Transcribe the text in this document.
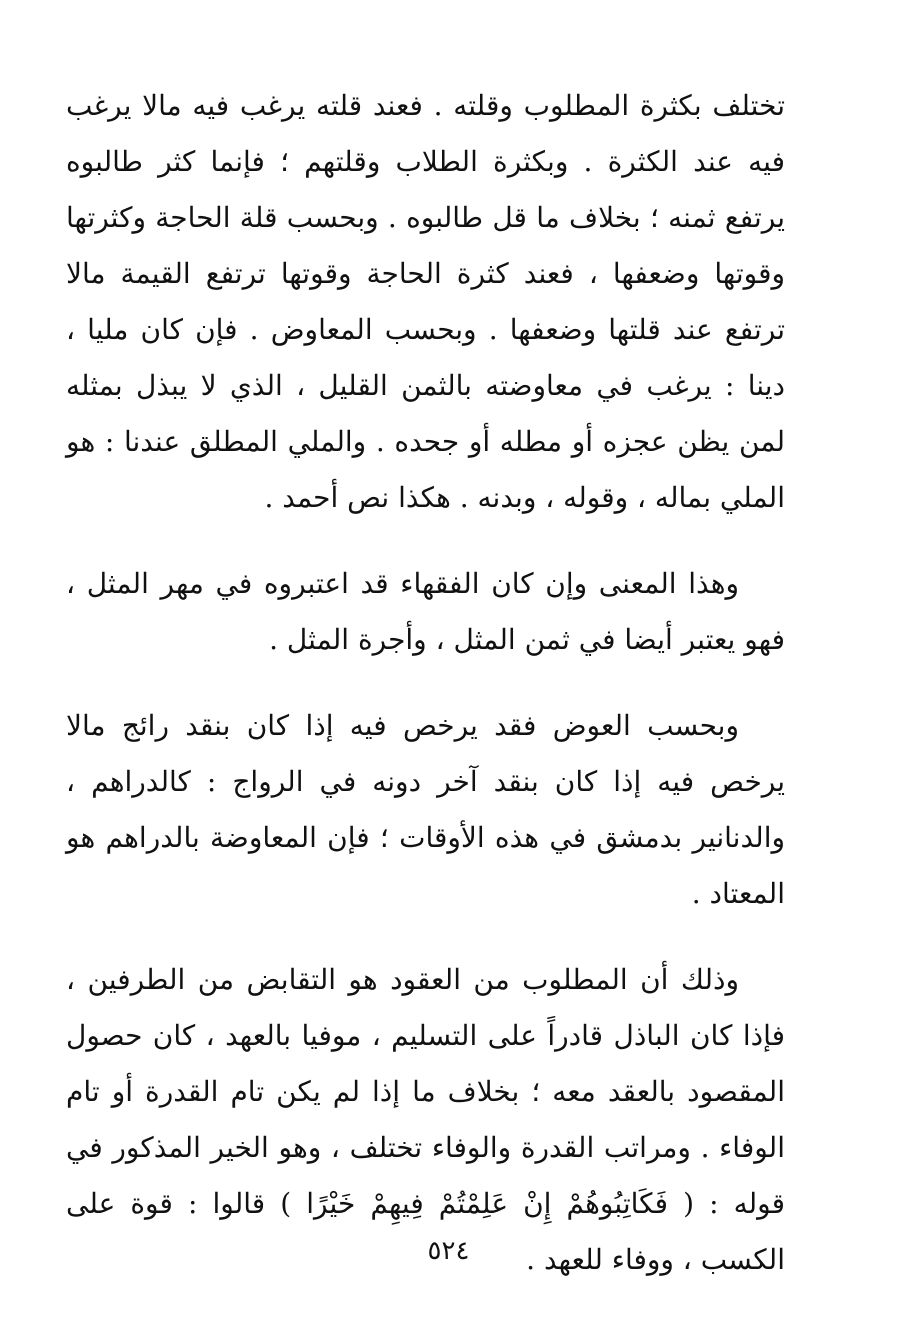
تختلف بكثرة المطلوب وقلته . فعند قلته يرغب فيه مالا يرغب فيه عند الكثرة . وبكثرة الطلاب وقلتهم ؛ فإنما كثر طالبوه يرتفع ثمنه ؛ بخلاف ما قل طالبوه . وبحسب قلة الحاجة وكثرتها وقوتها وضعفها ، فعند كثرة الحاجة وقوتها ترتفع القيمة مالا ترتفع عند قلتها وضعفها . وبحسب المعاوض . فإن كان مليا ، دينا : يرغب في معاوضته بالثمن القليل ، الذي لا يبذل بمثله لمن يظن عجزه أو مطله أو جحده . والملي المطلق عندنا : هو الملي بماله ، وقوله ، وبدنه . هكذا نص أحمد .

وهذا المعنى وإن كان الفقهاء قد اعتبروه في مهر المثل ، فهو يعتبر أيضا في ثمن المثل ، وأجرة المثل .

وبحسب العوض فقد يرخص فيه إذا كان بنقد رائج مالا يرخص فيه إذا كان بنقد آخر دونه في الرواج : كالدراهم ، والدنانير بدمشق في هذه الأوقات ؛ فإن المعاوضة بالدراهم هو المعتاد .

وذلك أن المطلوب من العقود هو التقابض من الطرفين ، فإذا كان الباذل قادراً على التسليم ، موفيا بالعهد ، كان حصول المقصود بالعقد معه ؛ بخلاف ما إذا لم يكن تام القدرة أو تام الوفاء . ومراتب القدرة والوفاء تختلف ، وهو الخير المذكور في قوله : ( فَكَاتِبُوهُمْ إِنْ عَلِمْتُمْ فِيهِمْ خَيْرًا ) قالوا : قوة على الكسب ، ووفاء للعهد .

٥٢٤
